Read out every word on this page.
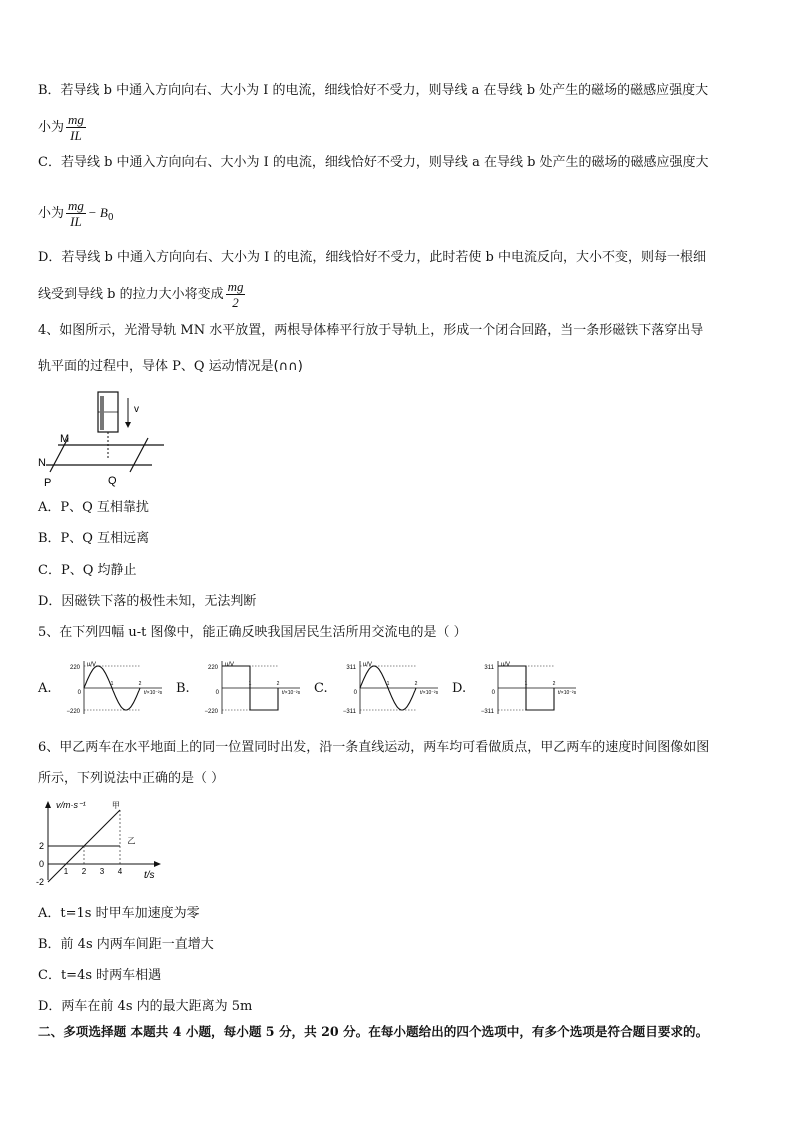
B．若导线 b 中通入方向向右、大小为 I 的电流，细线恰好不受力，则导线 a 在导线 b 处产生的磁场的磁感应强度大
小为 $\frac{mg}{IL}$
C．若导线 b 中通入方向向右、大小为 I 的电流，细线恰好不受力，则导线 a 在导线 b 处产生的磁场的磁感应强度大
小为 $\frac{mg}{IL} - B_0$
D．若导线 b 中通入方向向右、大小为 I 的电流，细线恰好不受力，此时若使 b 中电流反向，大小不变，则每一根细
线受到导线 b 的拉力大小将变成 $\frac{mg}{2}$
4、如图所示，光滑导轨 MN 水平放置，两根导体棒平行放于导轨上，形成一个闭合回路，当一条形磁铁下落穿出导
轨平面的过程中，导体 P、Q 运动情况是(∩∩)
v
M
N
P	Q
A．P、Q 互相靠扰
B．P、Q 互相远离
C．P、Q 均静止
D．因磁铁下落的极性未知，无法判断
5、在下列四幅 u-t 图像中，能正确反映我国居民生活所用交流电的是（ ）
A.
u/V
t/×10⁻²s
220
−220
0
1	2	B.
u/V
t/×10⁻²s
220
−220
0
1	2	C.
u/V
t/×10⁻²s
311
−311
0
1	2	D.
u/V
t/×10⁻²s
311
−311
0
1	2
6、甲乙两车在水平地面上的同一位置同时出发，沿一条直线运动，两车均可看做质点，甲乙两车的速度时间图像如图
所示，下列说法中正确的是（ ）
v/m·s⁻¹
t/s
1 2 3 4
-2
0
2
甲
乙
A．t=1s 时甲车加速度为零
B．前 4s 内两车间距一直增大
C．t=4s 时两车相遇
D．两车在前 4s 内的最大距离为 5m
二、多项选择题 本题共 4 小题，每小题 5 分，共 20 分。在每小题给出的四个选项中，有多个选项是符合题目要求的。
